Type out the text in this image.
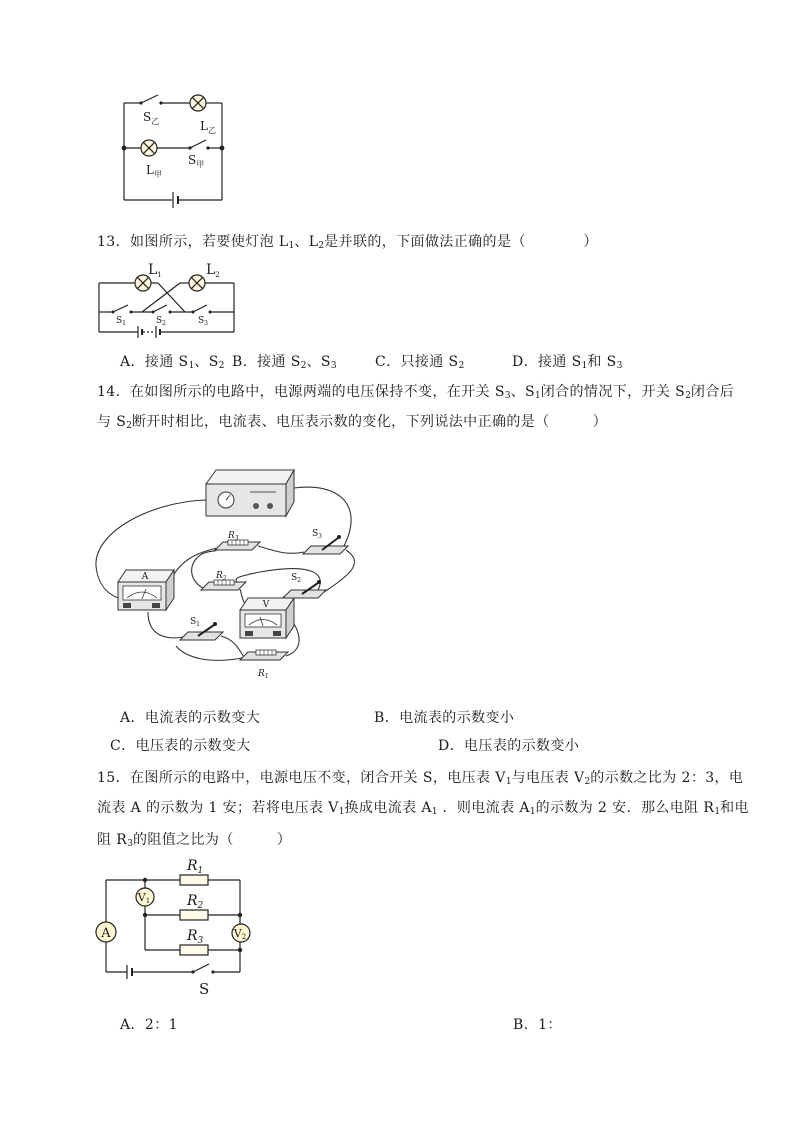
$S_乙$	$L_乙$
$S_甲$
$L_甲$
13．如图所示，若要使灯泡 $L_1$、$L_2$是并联的，下面做法正确的是（　　　　）
$L_1$	$L_2$
$S_1$	$S_2$	$S_3$
A．接通 $S_1$、$S_2$ B．接通 $S_2$、$S_3$	C．只接通 $S_2$	D．接通 $S_1$和 $S_3$
14．在如图所示的电路中，电源两端的电压保持不变，在开关 $S_3$、$S_1$闭合的情况下，开关 $S_2$闭合后
与 $S_2$断开时相比，电流表、电压表示数的变化，下列说法中正确的是（　　　）
A
V
$R_3$
$R_2$
$R_1$
$S_3$
$S_2$
$S_1$
A．电流表的示数变大	B．电流表的示数变小
C．电压表的示数变大	D．电压表的示数变小
15．在图所示的电路中，电源电压不变，闭合开关 S，电压表 $V_1$与电压表 $V_2$的示数之比为 2：3，电
流表 A 的示数为 1 安；若将电压表 $V_1$换成电流表 $A_1$ ．则电流表 $A_1$的示数为 2 安．那么电阻 $R_1$和电
阻 $R_3$的阻值之比为（　　　）
A
V1
V2
$R_1$
$R_2$
$R_3$
S
A．2：1	B．1：
